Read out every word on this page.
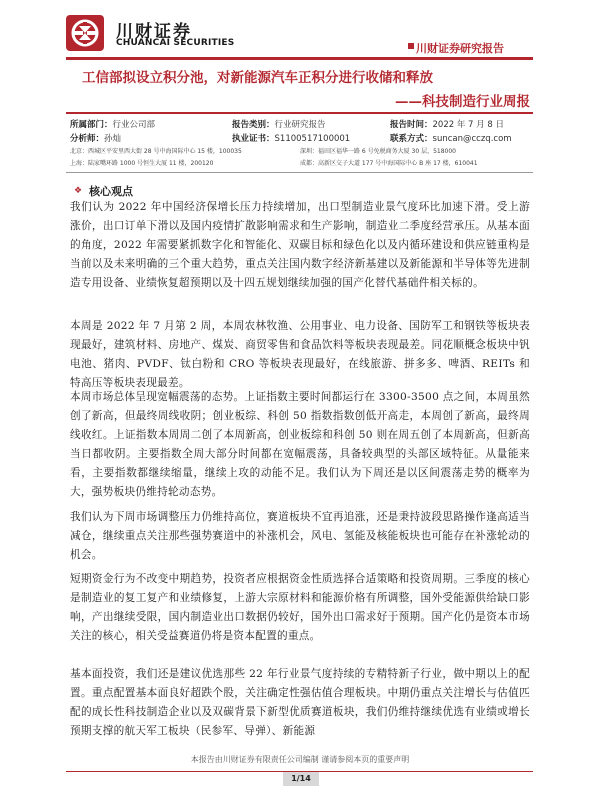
川财证券
CHUANCAI SECURITIES	川财证券研究报告
工信部拟设立积分池，对新能源汽车正积分进行收储和释放
——科技制造行业周报
所属部门：行业公司部	报告类别：行业研究报告	报告时间：2022 年 7 月 8 日
分析师：孙灿	执业证书：S1100517100001	联系方式：suncan@cczq.com
北京：西城区平安里西大街 28 号中海国际中心 15 楼，100035	深圳：福田区福华一路 6 号免税商务大厦 30 层，518000
上海：陆家嘴环路 1000 号恒生大厦 11 楼，200120	成都：高新区交子大道 177 号中海国际中心 B 座 17 楼，610041
❖ 核心观点
我们认为 2022 年中国经济保增长压力持续增加，出口型制造业景气度环比加速下滑。受上游涨价，出口订单下滑以及国内疫情扩散影响需求和生产影响，制造业二季度经营承压。从基本面的角度，2022 年需要紧抓数字化和智能化、双碳目标和绿色化以及内循环建设和供应链重构是当前以及未来明确的三个重大趋势，重点关注国内数字经济新基建以及新能源和半导体等先进制造专用设备、业绩恢复超预期以及十四五规划继续加强的国产化替代基础件相关标的。
本周是 2022 年 7 月第 2 周，本周农林牧渔、公用事业、电力设备、国防军工和钢铁等板块表现最好，建筑材料、房地产、煤炭、商贸零售和食品饮料等板块表现最差。同花顺概念板块中钒电池、猪肉、PVDF、钛白粉和 CRO 等板块表现最好，在线旅游、拼多多、啤酒、REITs 和特高压等板块表现最差。
本周市场总体呈现宽幅震荡的态势。上证指数主要时间都运行在 3300-3500 点之间，本周虽然创了新高，但最终周线收阴；创业板综、科创 50 指数指数创低开高走，本周创了新高，最终周线收红。上证指数本周周二创了本周新高，创业板综和科创 50 则在周五创了本周新高，但新高当日都收阴。主要指数全周大部分时间都在宽幅震荡，具备较典型的头部区域特征。从量能来看，主要指数都继续缩量，继续上攻的动能不足。我们认为下周还是以区间震荡走势的概率为大，强势板块仍维持轮动态势。
我们认为下周市场调整压力仍维持高位，赛道板块不宜再追涨，还是秉持波段思路操作逢高适当减仓，继续重点关注那些强势赛道中的补涨机会，风电、氢能及核能板块也可能存在补涨轮动的机会。
短期资金行为不改变中期趋势，投资者应根据资金性质选择合适策略和投资周期。三季度的核心是制造业的复工复产和业绩修复，上游大宗原材料和能源价格有所调整，国外受能源供给缺口影响，产出继续受限，国内制造业出口数据仍较好，国外出口需求好于预期。国产化仍是资本市场关注的核心，相关受益赛道仍将是资本配置的重点。
基本面投资，我们还是建议优选那些 22 年行业景气度持续的专精特新子行业，做中期以上的配置。重点配置基本面良好超跌个股，关注确定性强估值合理板块。中期仍重点关注增长与估值匹配的成长性科技制造企业以及双碳背景下新型优质赛道板块，我们仍维持继续优选有业绩或增长预期支撑的航天军工板块（民参军、导弹）、新能源
本报告由川财证券有限责任公司编制 谨请参阅本页的重要声明
1/14
